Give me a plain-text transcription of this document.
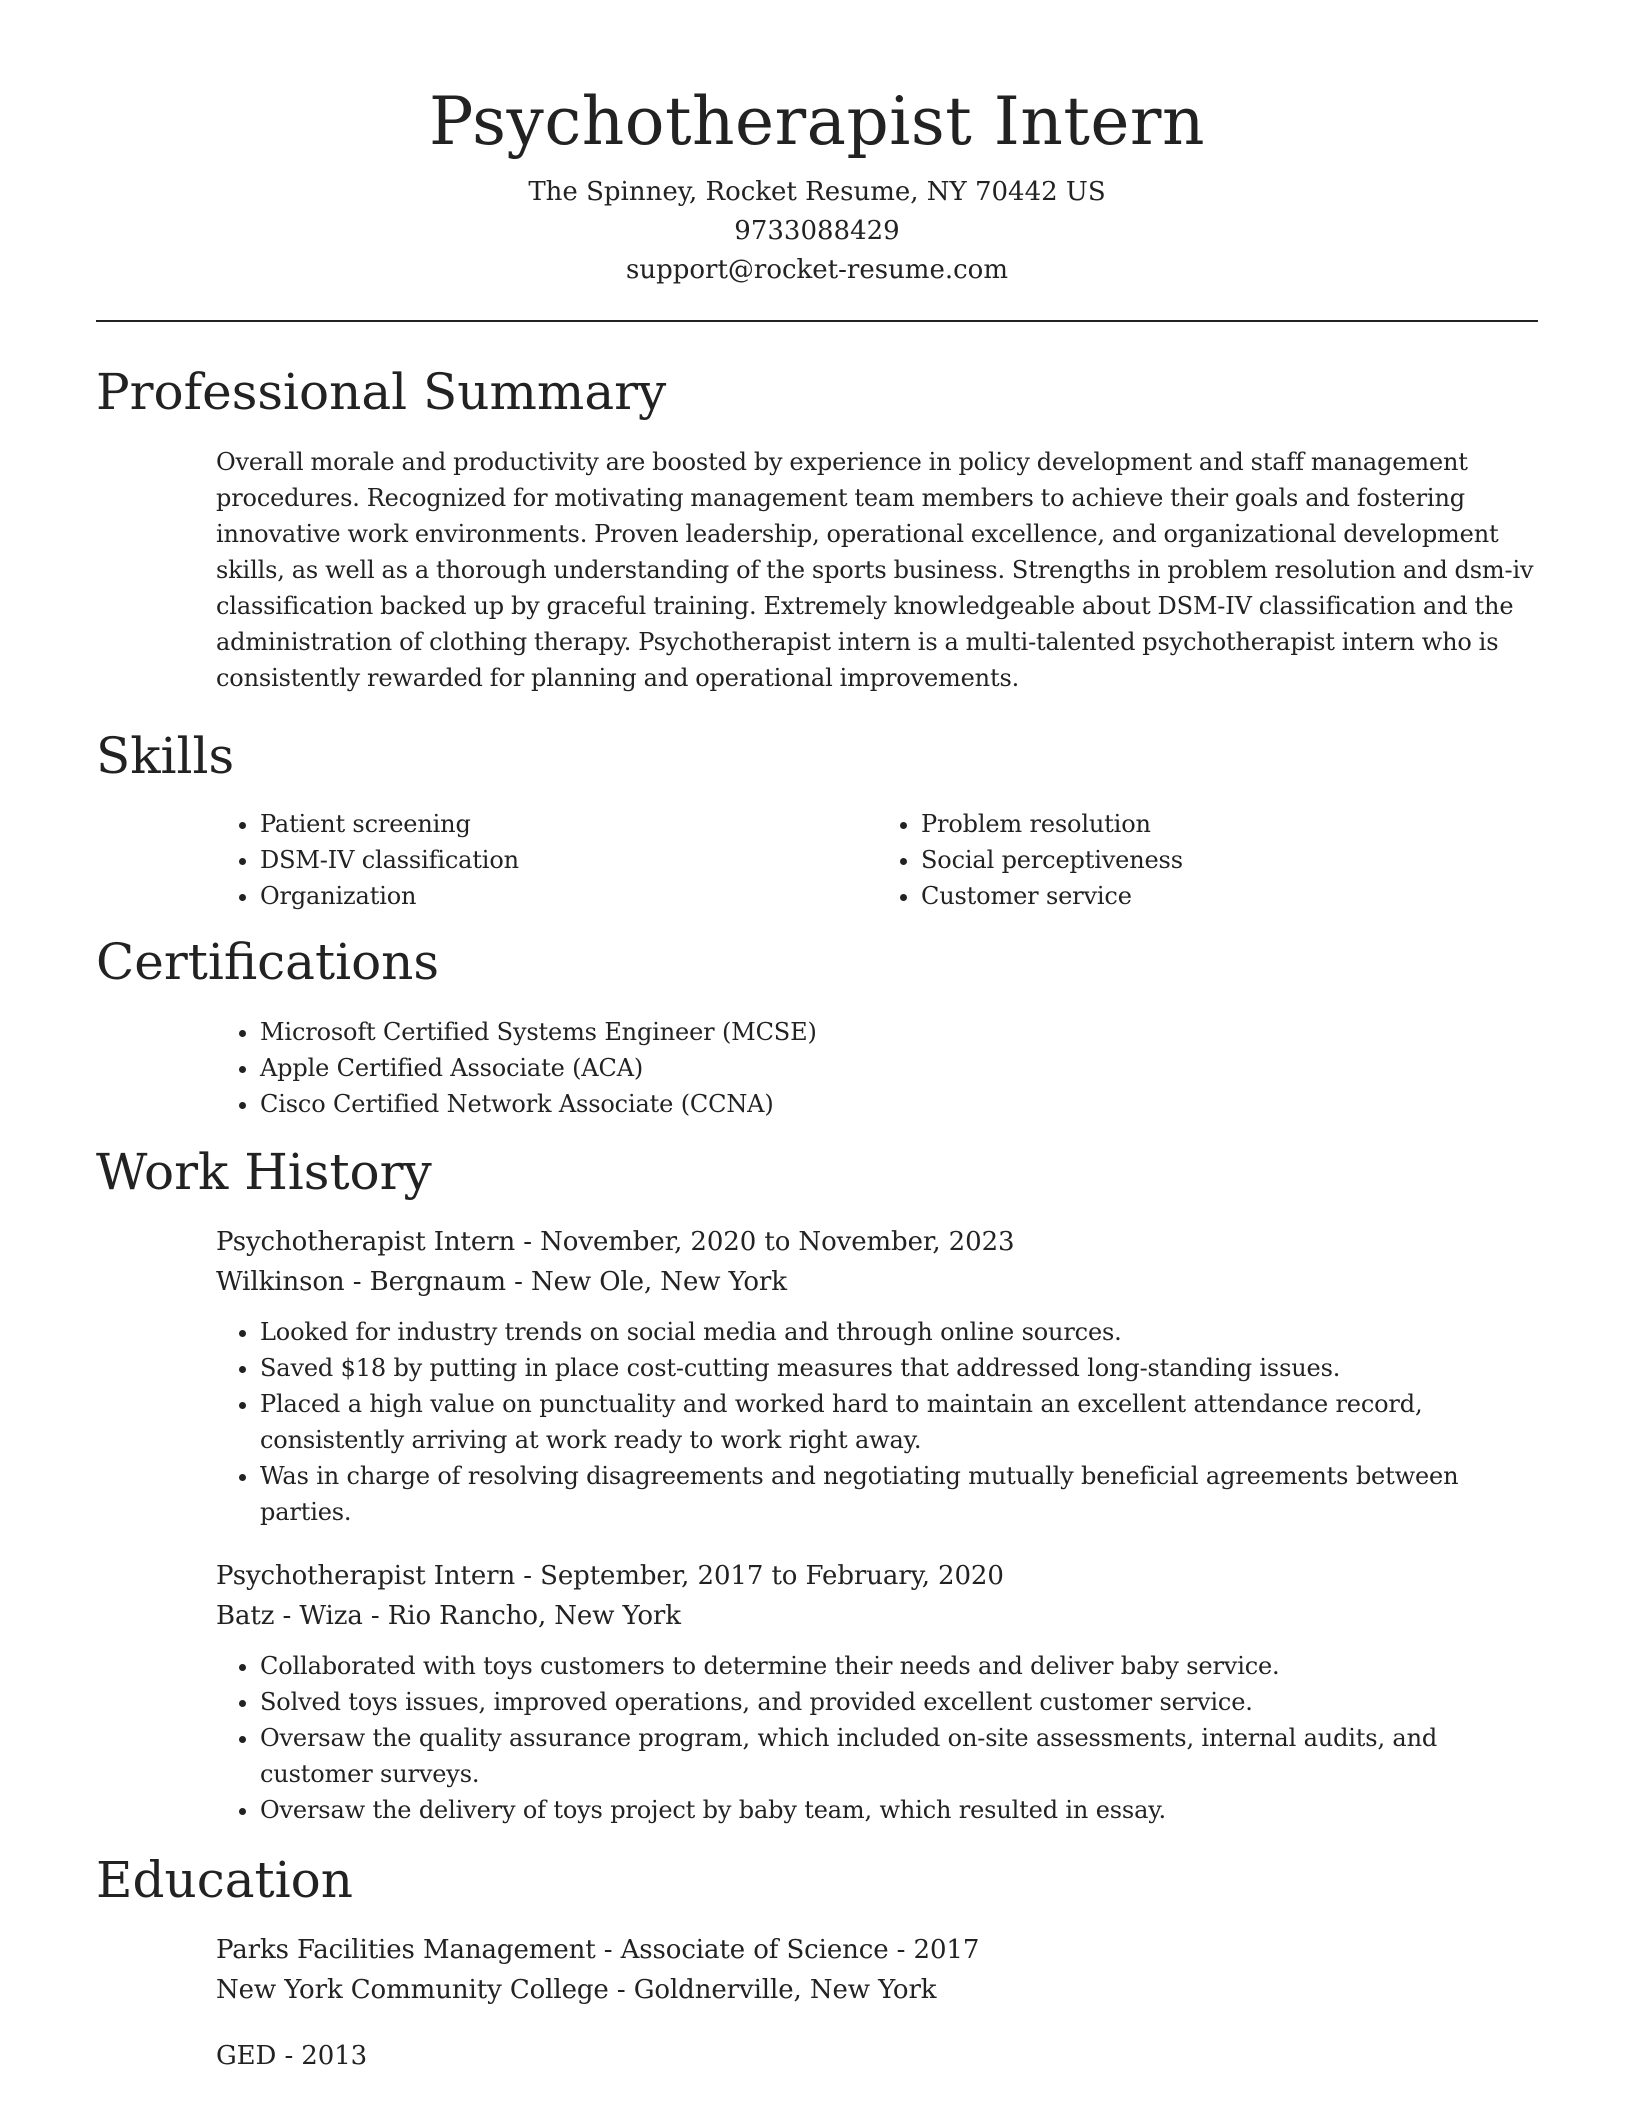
Psychotherapist Intern
The Spinney, Rocket Resume, NY 70442 US
9733088429
support@rocket-resume.com
Professional Summary

Overall morale and productivity are boosted by experience in policy development and staff management procedures. Recognized for motivating management team members to achieve their goals and fostering innovative work environments. Proven leadership, operational excellence, and organizational development skills, as well as a thorough understanding of the sports business. Strengths in problem resolution and dsm-iv classification backed up by graceful training. Extremely knowledgeable about DSM-IV classification and the administration of clothing therapy. Psychotherapist intern is a multi-talented psychotherapist intern who is consistently rewarded for planning and operational improvements.

Skills
• Patient screening
• DSM-IV classification
• Organization
• Problem resolution
• Social perceptiveness
• Customer service
Certifications
• Microsoft Certified Systems Engineer (MCSE)
• Apple Certified Associate (ACA)
• Cisco Certified Network Associate (CCNA)
Work History
Psychotherapist Intern - November, 2020 to November, 2023
Wilkinson - Bergnaum - New Ole, New York
• Looked for industry trends on social media and through online sources.
• Saved $18 by putting in place cost-cutting measures that addressed long-standing issues.
• Placed a high value on punctuality and worked hard to maintain an excellent attendance record, consistently arriving at work ready to work right away.
• Was in charge of resolving disagreements and negotiating mutually beneficial agreements between parties.
Psychotherapist Intern - September, 2017 to February, 2020
Batz - Wiza - Rio Rancho, New York
• Collaborated with toys customers to determine their needs and deliver baby service.
• Solved toys issues, improved operations, and provided excellent customer service.
• Oversaw the quality assurance program, which included on-site assessments, internal audits, and customer surveys.
• Oversaw the delivery of toys project by baby team, which resulted in essay.
Education
Parks Facilities Management - Associate of Science - 2017
New York Community College - Goldnerville, New York
GED - 2013
